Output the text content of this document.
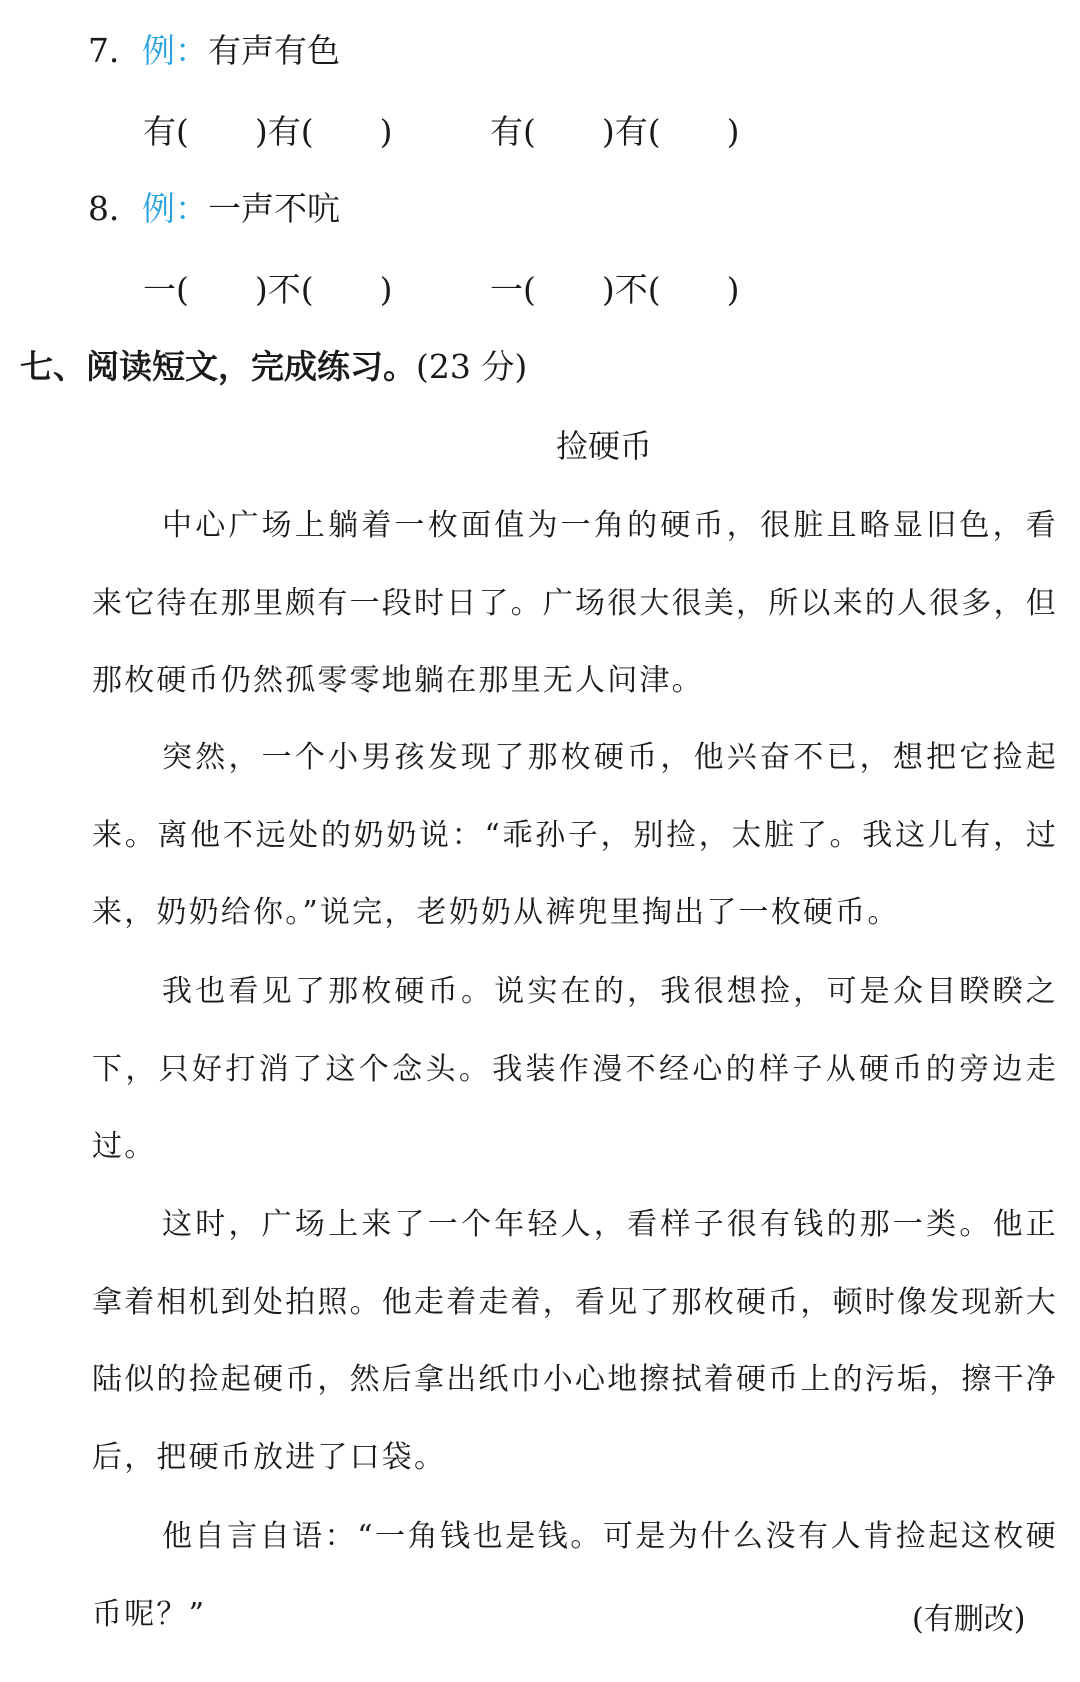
7．例：有声有色
有(　　)有(　　)	有(　　)有(　　)
8．例：一声不吭
一(　　)不(　　)	一(　　)不(　　)
七、阅读短文，完成练习。(23 分)
捡硬币

中心广场上躺着一枚面值为一角的硬币，很脏且略显旧色，看来它待在那里颇有一段时日了。广场很大很美，所以来的人很多，但那枚硬币仍然孤零零地躺在那里无人问津。

突然，一个小男孩发现了那枚硬币，他兴奋不已，想把它捡起来。离他不远处的奶奶说：“乖孙子，别捡，太脏了。我这儿有，过来，奶奶给你。”说完，老奶奶从裤兜里掏出了一枚硬币。

我也看见了那枚硬币。说实在的，我很想捡，可是众目睽睽之下，只好打消了这个念头。我装作漫不经心的样子从硬币的旁边走过。

这时，广场上来了一个年轻人，看样子很有钱的那一类。他正拿着相机到处拍照。他走着走着，看见了那枚硬币，顿时像发现新大陆似的捡起硬币，然后拿出纸巾小心地擦拭着硬币上的污垢，擦干净后，把硬币放进了口袋。

他自言自语：“一角钱也是钱。可是为什么没有人肯捡起这枚硬币呢？”	(有删改)
